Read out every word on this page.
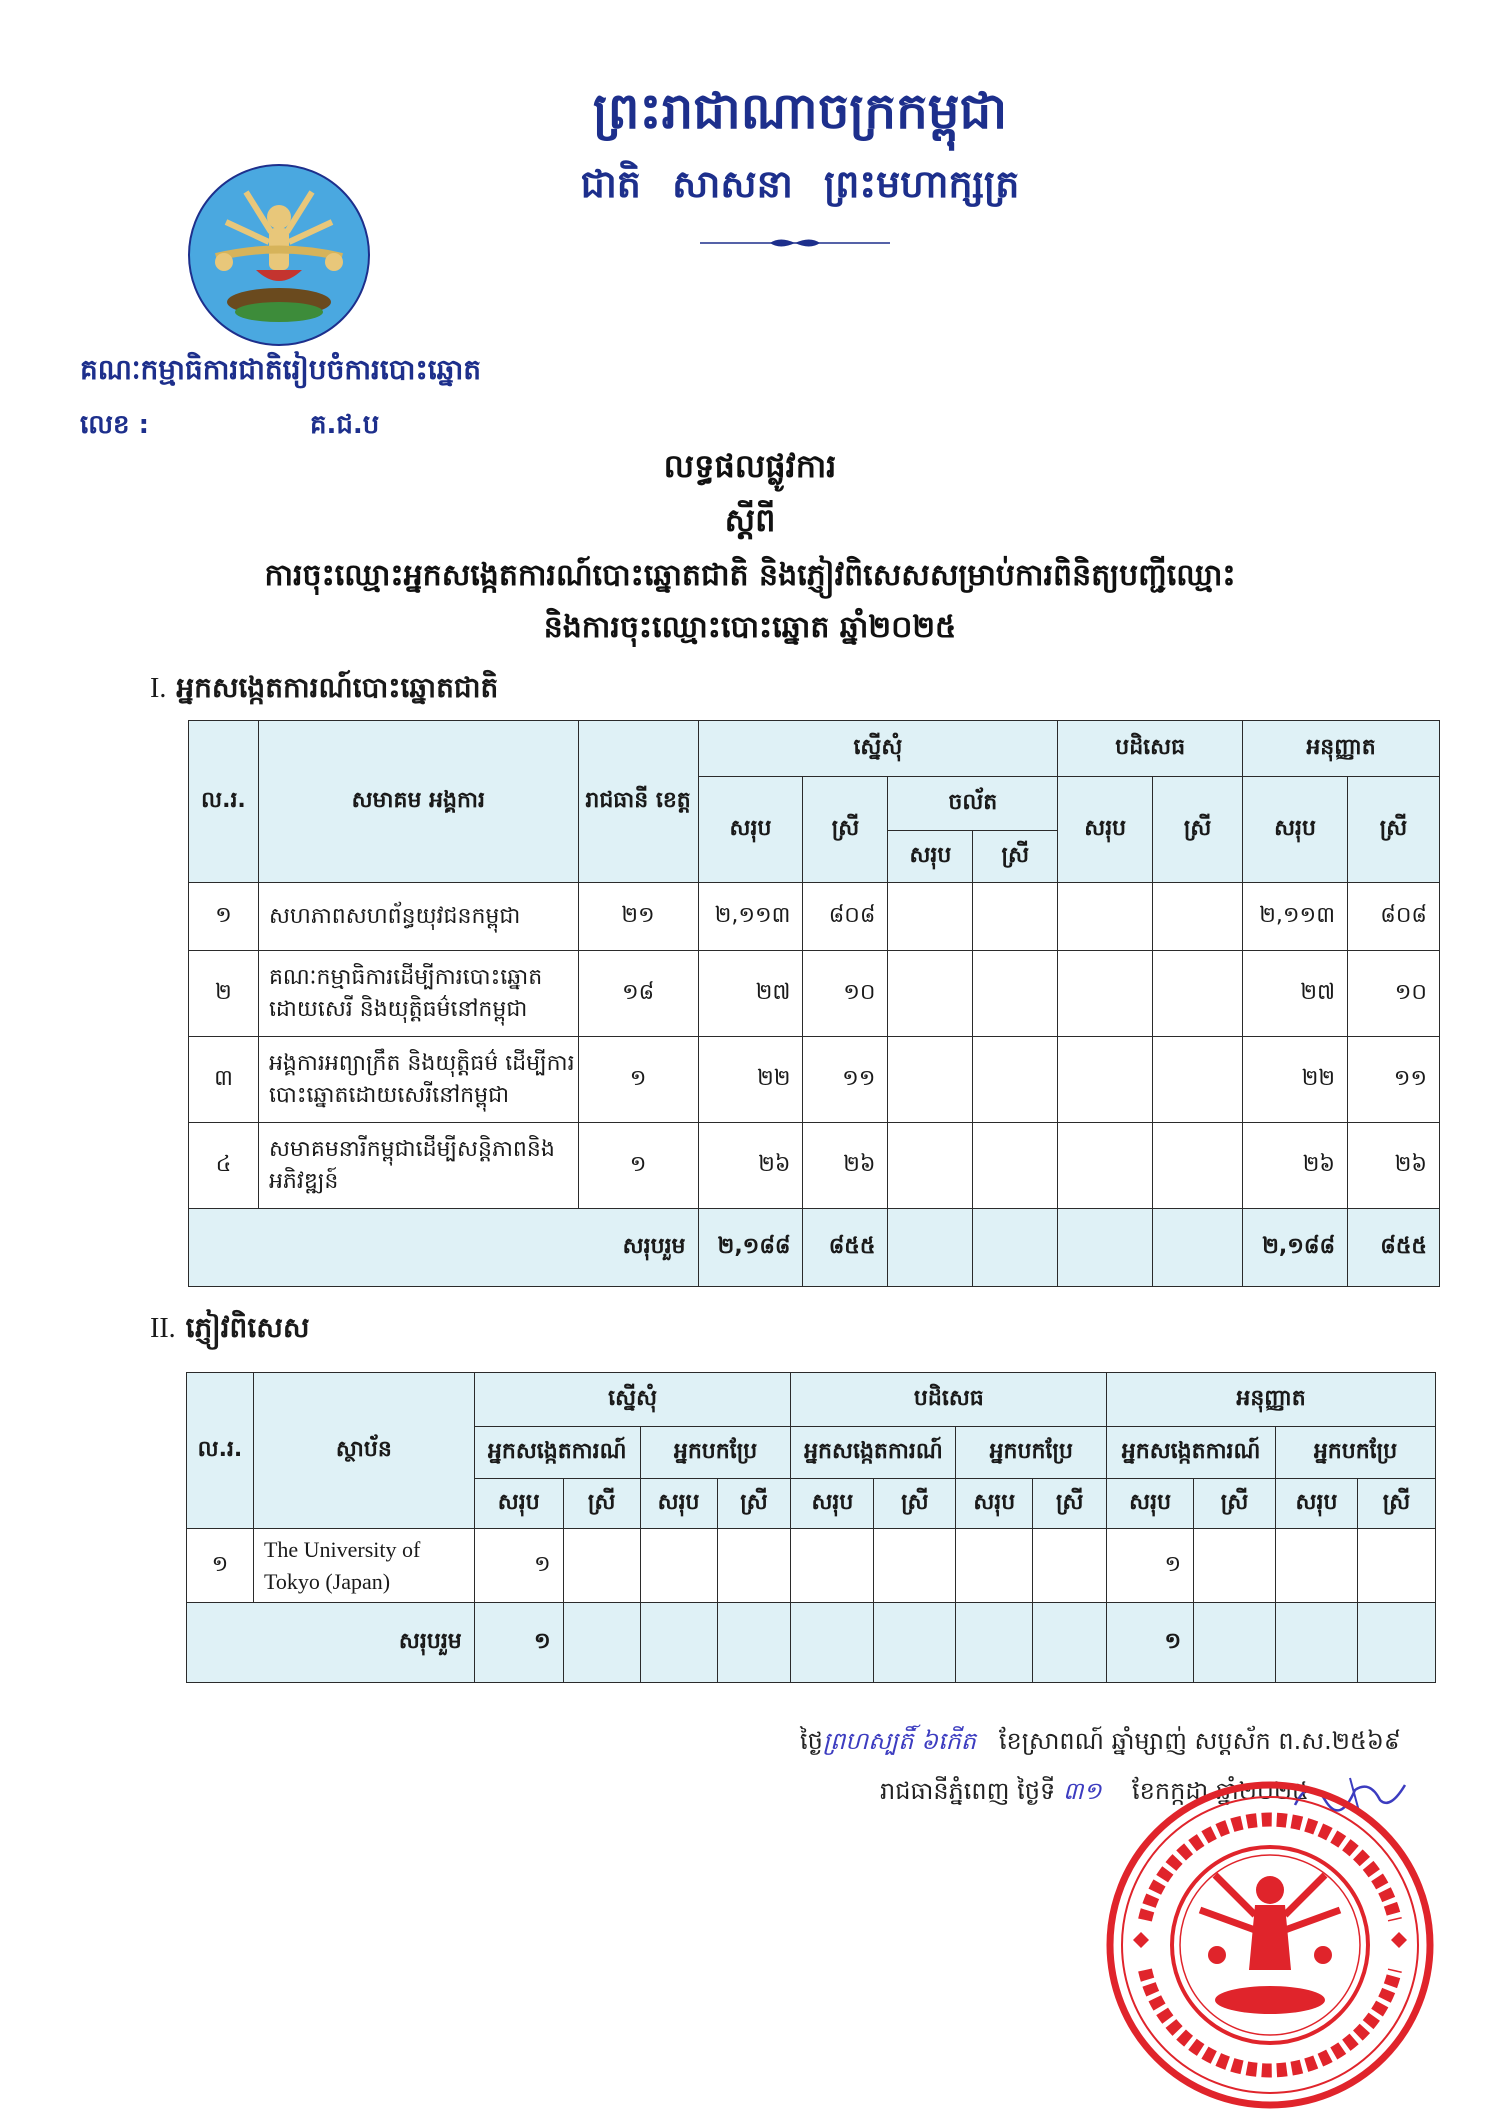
ព្រះរាជាណាចក្រកម្ពុជា
ជាតិ សាសនា ព្រះមហាក្សត្រ
គណៈកម្មាធិការជាតិរៀបចំការបោះឆ្នោត
លេខ :	គ.ជ.ប
លទ្ធផលផ្លូវការ
ស្តីពី
ការចុះឈ្មោះអ្នកសង្កេតការណ៍បោះឆ្នោតជាតិ និងភ្ញៀវពិសេសសម្រាប់ការពិនិត្យបញ្ជីឈ្មោះ
និងការចុះឈ្មោះបោះឆ្នោត ឆ្នាំ២០២៥
I. អ្នកសង្កេតការណ៍បោះឆ្នោតជាតិ
ល.រ.	សមាគម អង្គការ	រាជធានី ខេត្ត	ស្នើសុំ				បដិសេធ		អនុញ្ញាត	
			សរុប	ស្រី	ចល័ត		សរុប	ស្រី	សរុប	ស្រី
					សរុប	ស្រី				
១	សហភាពសហព័ន្ធយុវជនកម្ពុជា	២១	២,១១៣	៨០៨					២,១១៣	៨០៨
២	គណៈកម្មាធិការដើម្បីការបោះឆ្នោតដោយសេរី និងយុត្តិធម៌នៅកម្ពុជា	១៨	២៧	១០					២៧	១០
៣	អង្គការអព្យាក្រឹត និងយុត្តិធម៌ ដើម្បីការបោះឆ្នោតដោយសេរីនៅកម្ពុជា	១	២២	១១					២២	១១
៤	សមាគមនារីកម្ពុជាដើម្បីសន្តិភាពនិងអភិវឌ្ឍន៍	១	២៦	២៦					២៦	២៦
សរុបរួម			២,១៨៨	៨៥៥					២,១៨៨	៨៥៥
II. ភ្ញៀវពិសេស
ល.រ.	ស្ថាប័ន	ស្នើសុំ				បដិសេធ				អនុញ្ញាត			
		អ្នកសង្កេតការណ៍		អ្នកបកប្រែ		អ្នកសង្កេតការណ៍		អ្នកបកប្រែ		អ្នកសង្កេតការណ៍		អ្នកបកប្រែ	
		សរុប	ស្រី	សរុប	ស្រី	សរុប	ស្រី	សរុប	ស្រី	សរុប	ស្រី	សរុប	ស្រី
១	The University of Tokyo (Japan)	១								១			
សរុបរួម		១								១			
ថ្ងៃព្រហស្បតិ៍ ៦កើត ខែស្រាពណ៍ ឆ្នាំម្សាញ់ សប្តស័ក ព.ស.២៥៦៩
រាជធានីភ្នំពេញ ថ្ងៃទី ៣១ ខែកក្កដា ឆ្នាំ២០២៥
